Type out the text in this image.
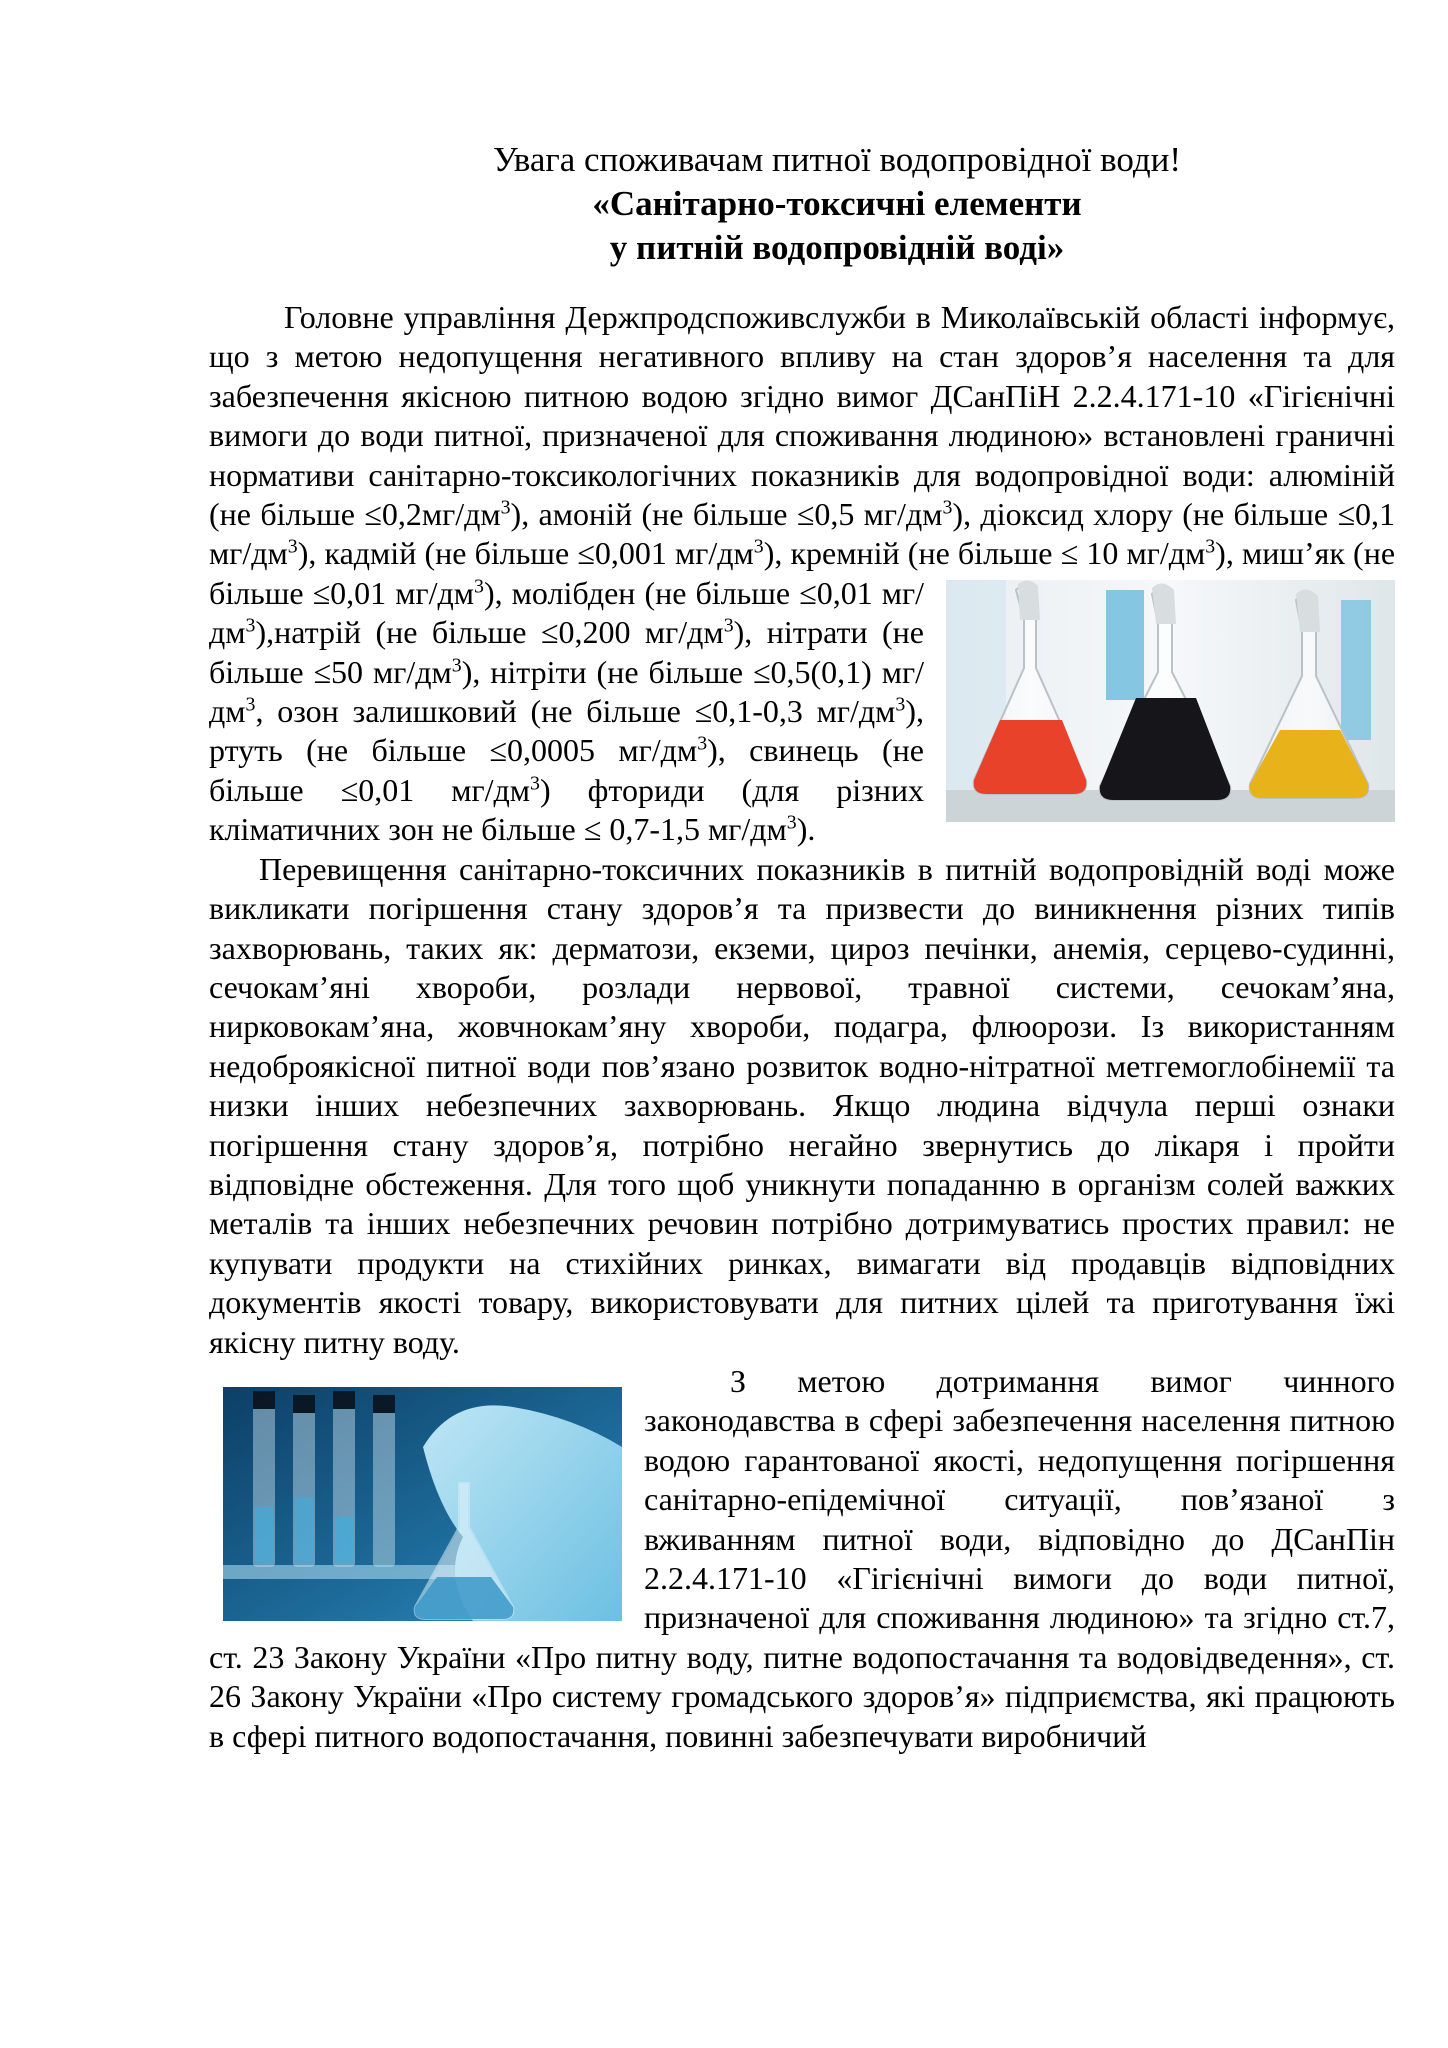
Увага споживачам питної водопровідної води!
«Санітарно-токсичні елементи
у питній водопровідній воді»

Головне управління Держпродспоживслужби в Миколаївській області інформує, що з метою недопущення негативного впливу на стан здоров’я населення та для забезпечення якісною питною водою згідно вимог ДСанПіН 2.2.4.171-10 «Гігієнічні вимоги до води питної, призначеної для споживання людиною» встановлені граничні нормативи санітарно-токсикологічних показників для водопровідної води: алюміній (не більше $\le 0,2мг/дм^3$), амоній (не більше ≤0,5 $мг/дм^3$), діоксид хлору (не більше ≤0,1 $мг/дм^3$), кадмій (не більше ≤0,001 $мг/дм^3$), кремній (не більше ≤ 10 $мг/дм^3$), миш’як (не більше ≤0,01 $мг/дм^3$
), молібден (не більше ≤0,01 $мг/дм^3),натрій$ (не більше ≤0,200 $мг/дм^3$), нітрати (не більше ≤50 $мг/дм^3$), нітріти (не більше ≤0,5(0,1) $мг/дм^3$, озон залишковий (не більше ≤0,1-0,3 $мг/дм^3$), ртуть (не більше ≤0,0005 $мг/дм^3$), свинець (не більше ≤0,01 $мг/дм^3$) фториди (для різних кліматичних зон не більше ≤ 0,7-1,5 $мг/дм^3$).

Перевищення санітарно-токсичних показників в питній водопровідній воді може викликати погіршення стану здоров’я та призвести до виникнення різних типів захворювань, таких як: дерматози, екземи, цироз печінки, анемія, серцево-судинні, сечокам’яні хвороби, розлади нервової, травної системи, сечокам’яна, нирковокам’яна, жовчнокам’яну хвороби, подагра, флюорози. Із використанням недоброякісної питної води пов’язано розвиток водно-нітратної метгемоглобінемії та низки інших небезпечних захворювань. Якщо людина відчула перші ознаки погіршення стану здоров’я, потрібно негайно звернутись до лікаря і пройти відповідне обстеження. Для того щоб уникнути попаданню в організм солей важких металів та інших небезпечних речовин потрібно дотримуватись простих правил: не купувати продукти на стихійних ринках, вимагати від продавців відповідних документів якості товару, використовувати для питних цілей та приготування їжі якісну питну воду.

З метою дотримання вимог чинного законодавства в сфері забезпечення населення питною водою гарантованої якості, недопущення погіршення санітарно-епідемічної ситуації, пов’язаної з вживанням питної води, відповідно до ДСанПін 2.2.4.171-10 «Гігієнічні вимоги до води питної, призначеної для споживання людиною» та згідно ст.7, ст. 23 Закону України «Про питну воду, питне водопостачання та водовідведення», ст. 26 Закону України «Про систему громадського здоров’я» підприємства, які працюють в сфері питного водопостачання, повинні забезпечувати виробничий
